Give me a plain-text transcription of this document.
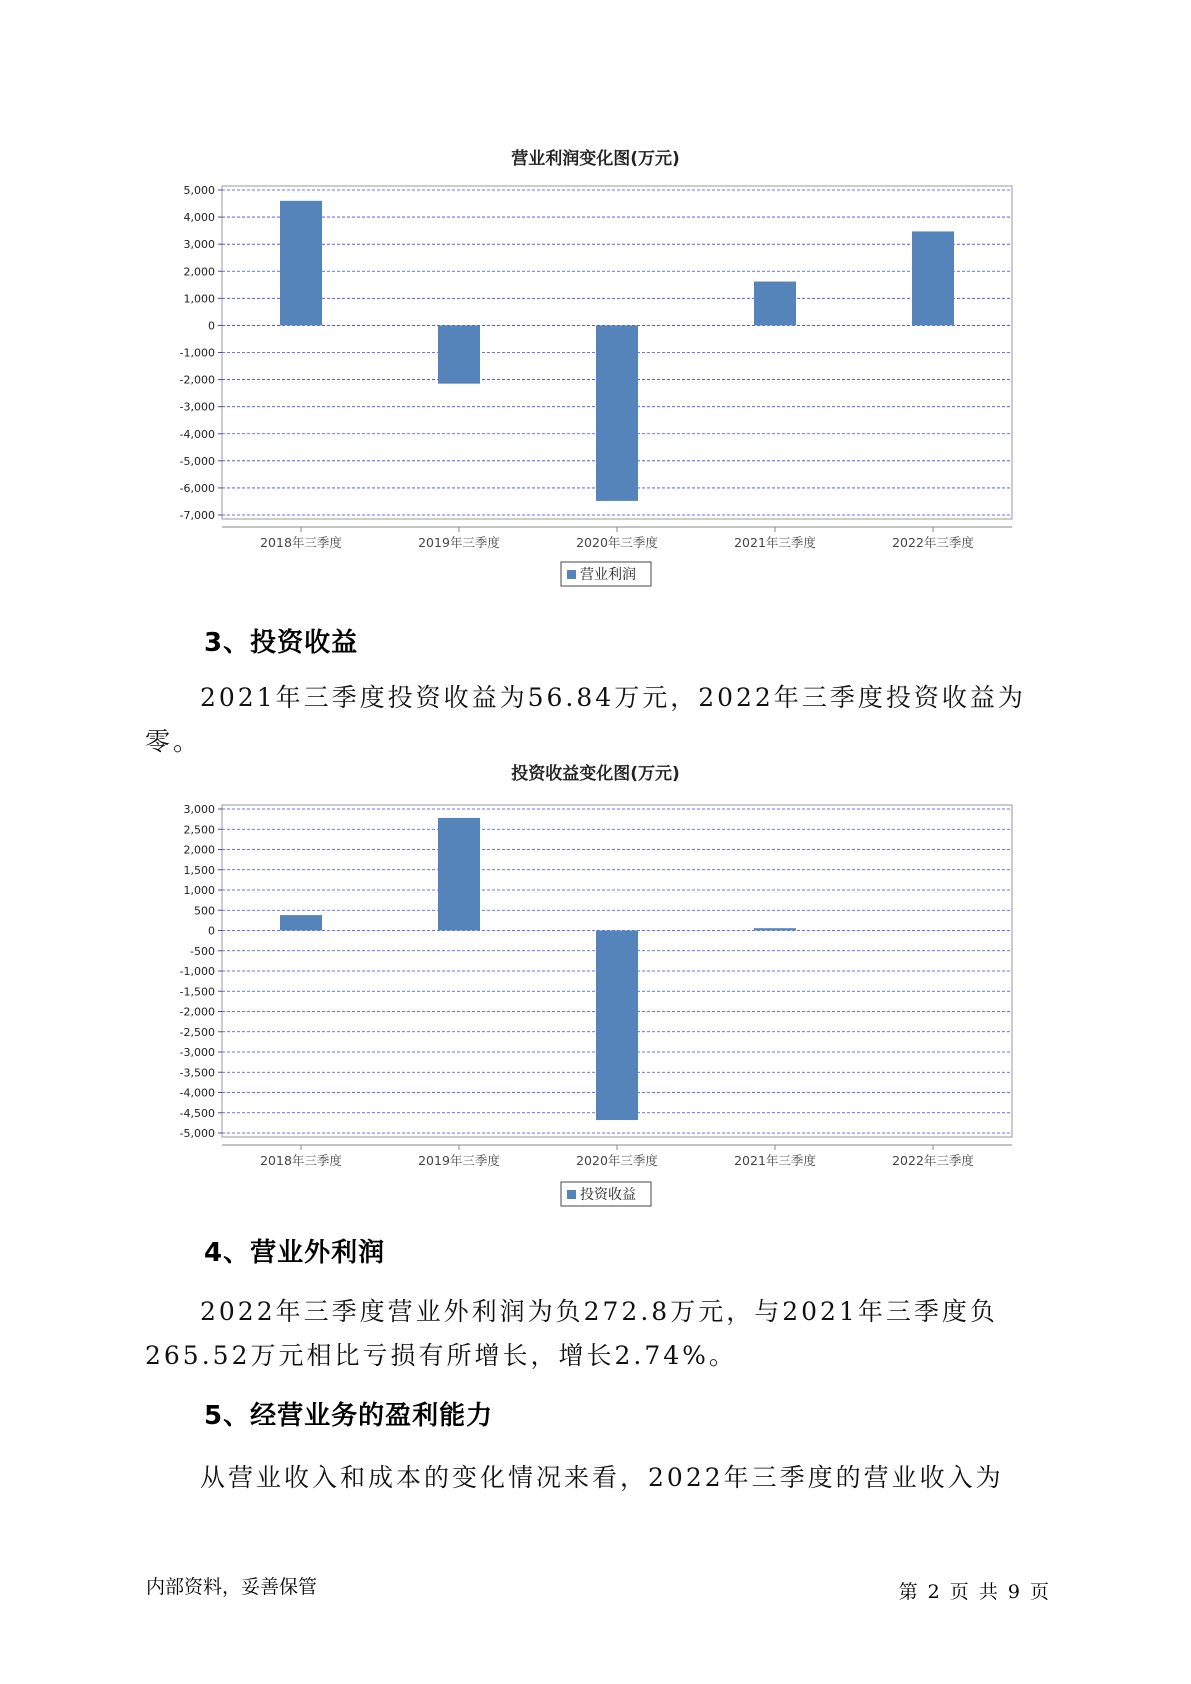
营业利润变化图(万元)
5,000
4,000
3,000
2,000
1,000
0
-1,000
-2,000
-3,000
-4,000
-5,000
-6,000
-7,000
2018年三季度	2019年三季度	2020年三季度	2021年三季度	2022年三季度
营业利润
3、投资收益
2021年三季度投资收益为56.84万元，2022年三季度投资收益为零。
投资收益变化图(万元)
3,000
2,500
2,000
1,500
1,000
500
0
-500
-1,000
-1,500
-2,000
-2,500
-3,000
-3,500
-4,000
-4,500
-5,000
2018年三季度	2019年三季度	2020年三季度	2021年三季度	2022年三季度
投资收益
4、营业外利润
2022年三季度营业外利润为负272.8万元，与2021年三季度负265.52万元相比亏损有所增长，增长2.74%。
5、经营业务的盈利能力
从营业收入和成本的变化情况来看，2022年三季度的营业收入为
内部资料，妥善保管	第 2 页 共 9 页
